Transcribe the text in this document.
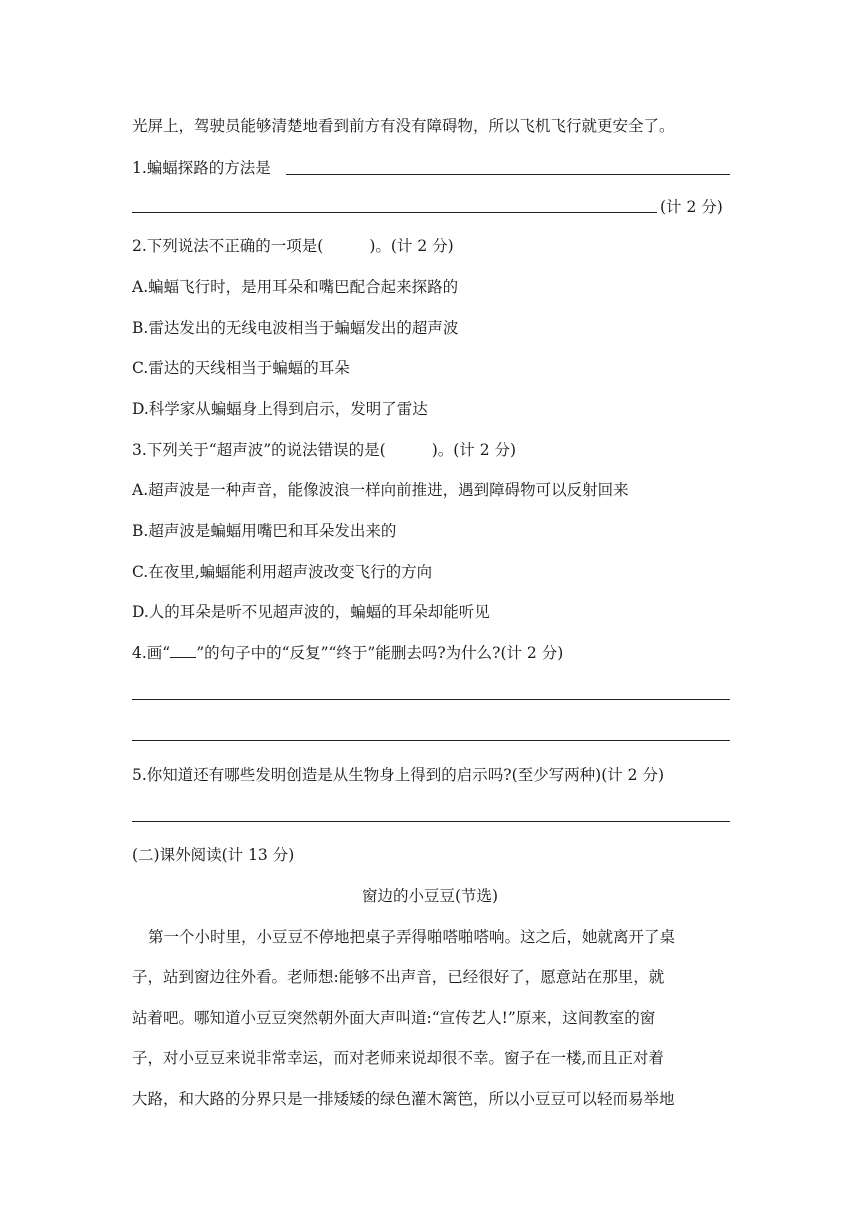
光屏上，驾驶员能够清楚地看到前方有没有障碍物，所以飞机飞行就更安全了。
1.蝙蝠探路的方法是
(计 2 分)
2.下列说法不正确的一项是(	)。(计 2 分)
A.蝙蝠飞行时，是用耳朵和嘴巴配合起来探路的
B.雷达发出的无线电波相当于蝙蝠发出的超声波
C.雷达的天线相当于蝙蝠的耳朵
D.科学家从蝙蝠身上得到启示，发明了雷达
3.下列关于“超声波”的说法错误的是(	)。(计 2 分)
A.超声波是一种声音，能像波浪一样向前推进，遇到障碍物可以反射回来
B.超声波是蝙蝠用嘴巴和耳朵发出来的
C.在夜里,蝙蝠能利用超声波改变飞行的方向
D.人的耳朵是听不见超声波的，蝙蝠的耳朵却能听见
4.画“ ”的句子中的“反复”“终于”能删去吗?为什么?(计 2 分)
5.你知道还有哪些发明创造是从生物身上得到的启示吗?(至少写两种)(计 2 分)
(二)课外阅读(计 13 分)
窗边的小豆豆(节选)
第一个小时里，小豆豆不停地把桌子弄得啪嗒啪嗒响。这之后，她就离开了桌
子，站到窗边往外看。老师想:能够不出声音，已经很好了，愿意站在那里，就
站着吧。哪知道小豆豆突然朝外面大声叫道:“宣传艺人!”原来，这间教室的窗
子，对小豆豆来说非常幸运，而对老师来说却很不幸。窗子在一楼,而且正对着
大路，和大路的分界只是一排矮矮的绿色灌木篱笆，所以小豆豆可以轻而易举地
